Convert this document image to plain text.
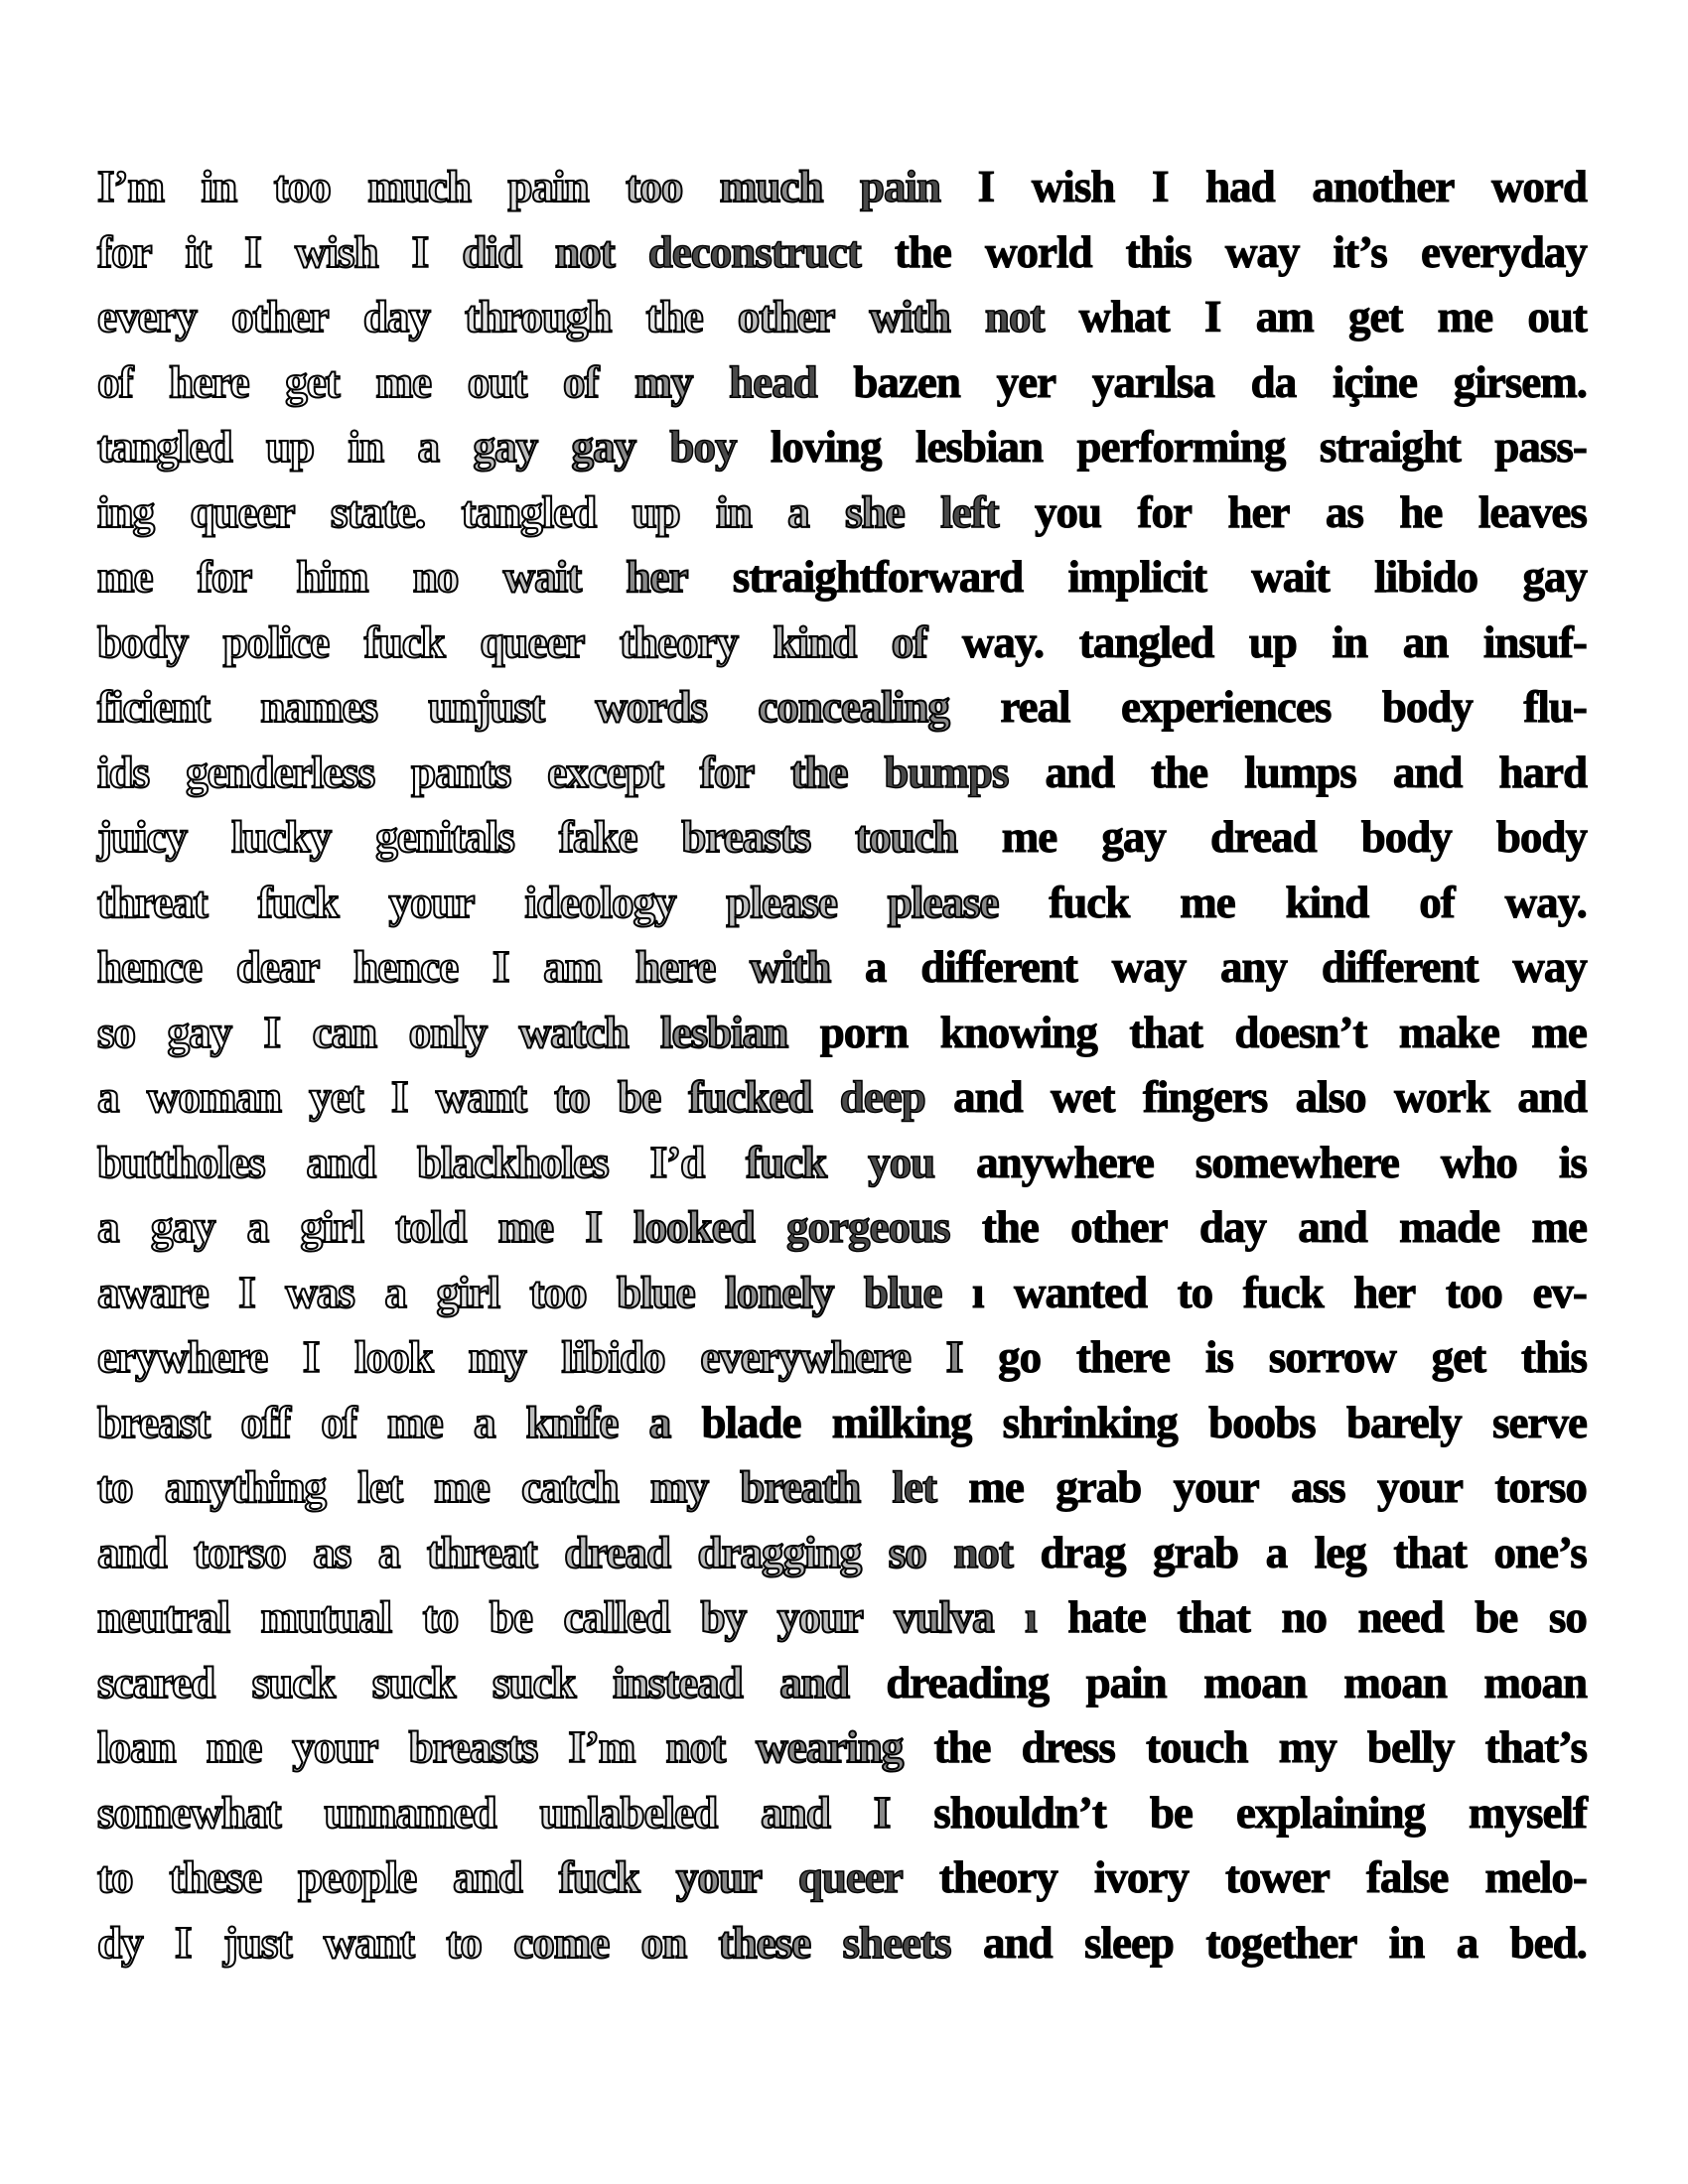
I’m in too much pain too much pain I wish I had another word
for it I wish I did not deconstruct the world this way it’s everyday
every other day through the other with not what I am get me out
of here get me out of my head bazen yer yarılsa da içine girsem.
tangled up in a gay gay boy loving lesbian performing straight pass-
ing queer state. tangled up in a she left you for her as he leaves
me for him no wait her straightforward implicit wait libido gay
body police fuck queer theory kind of way. tangled up in an insuf-
ficient names unjust words concealing real experiences body flu-
ids genderless pants except for the bumps and the lumps and hard
juicy lucky genitals fake breasts touch me gay dread body body
threat fuck your ideology please please fuck me kind of way.
hence dear hence I am here with a different way any different way
so gay I can only watch lesbian porn knowing that doesn’t make me
a woman yet I want to be fucked deep and wet fingers also work and
buttholes and blackholes I’d fuck you anywhere somewhere who is
a gay a girl told me I looked gorgeous the other day and made me
aware I was a girl too blue lonely blue ı wanted to fuck her too ev-
erywhere I look my libido everywhere I go there is sorrow get this
breast off of me a knife a blade milking shrinking boobs barely serve
to anything let me catch my breath let me grab your ass your torso
and torso as a threat dread dragging so not drag grab a leg that one’s
neutral mutual to be called by your vulva ı hate that no need be so
scared suck suck suck instead and dreading pain moan moan moan
loan me your breasts I’m not wearing the dress touch my belly that’s
somewhat unnamed unlabeled and I shouldn’t be explaining myself
to these people and fuck your queer theory ivory tower false melo-
dy I just want to come on these sheets and sleep together in a bed.
